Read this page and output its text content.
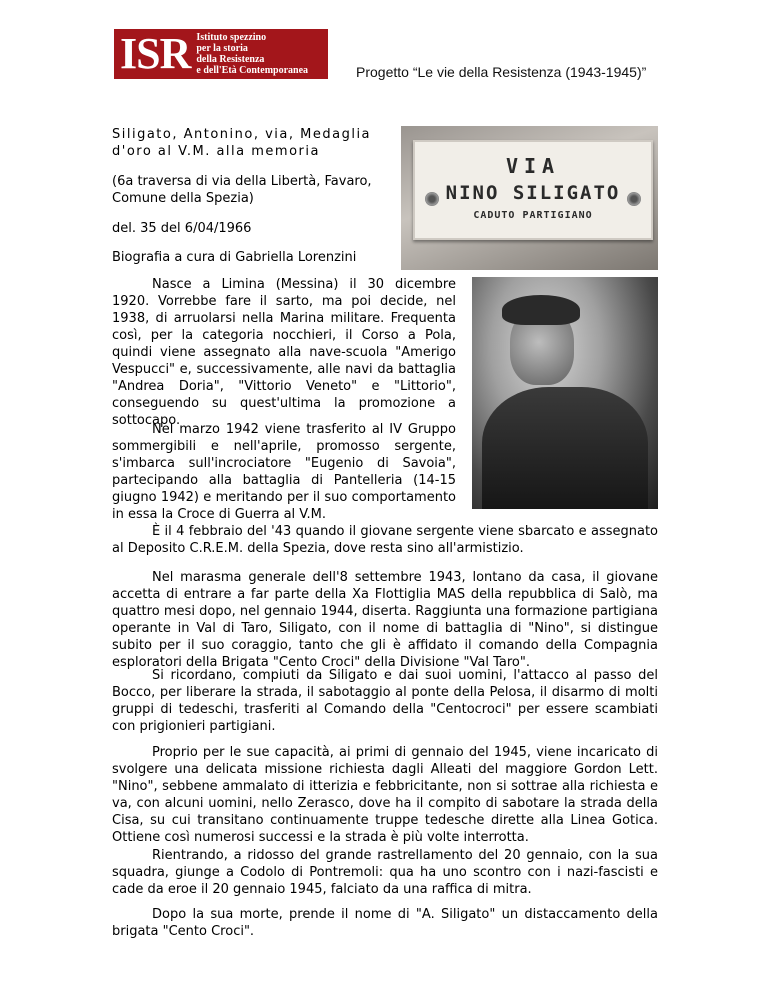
ISR Istituto spezzino
per la storia
della Resistenza
e dell'Età Contemporanea	Progetto “Le vie della Resistenza (1943-1945)”

Siligato, Antonino, via, Medaglia d'oro al V.M. alla memoria

(6a traversa di via della Libertà, Favaro, Comune della Spezia)

del. 35 del 6/04/1966

Biografia a cura di Gabriella Lorenzini

VIA
NINO SILIGATO
CADUTO PARTIGIANO

Nasce a Limina (Messina) il 30 dicembre 1920. Vorrebbe fare il sarto, ma poi decide, nel 1938, di arruolarsi nella Marina militare. Frequenta così, per la categoria nocchieri, il Corso a Pola, quindi viene assegnato alla nave-scuola "Amerigo Vespucci" e, successivamente, alle navi da battaglia "Andrea Doria", "Vittorio Veneto" e "Littorio", conseguendo su quest'ultima la promozione a sottocapo.

Nel marzo 1942 viene trasferito al IV Gruppo sommergibili e nell'aprile, promosso sergente, s'imbarca sull'incrociatore "Eugenio di Savoia", partecipando alla battaglia di Pantelleria (14-15 giugno 1942) e meritando per il suo comportamento in essa la Croce di Guerra al V.M.

È il 4 febbraio del '43 quando il giovane sergente viene sbarcato e assegnato al Deposito C.R.E.M. della Spezia, dove resta sino all'armistizio.

Nel marasma generale dell'8 settembre 1943, lontano da casa, il giovane accetta di entrare a far parte della Xa Flottiglia MAS della repubblica di Salò, ma quattro mesi dopo, nel gennaio 1944, diserta. Raggiunta una formazione partigiana operante in Val di Taro, Siligato, con il nome di battaglia di "Nino", si distingue subito per il suo coraggio, tanto che gli è affidato il comando della Compagnia esploratori della Brigata "Cento Croci" della Divisione "Val Taro".

Si ricordano, compiuti da Siligato e dai suoi uomini, l'attacco al passo del Bocco, per liberare la strada, il sabotaggio al ponte della Pelosa, il disarmo di molti gruppi di tedeschi, trasferiti al Comando della "Centocroci" per essere scambiati con prigionieri partigiani.

Proprio per le sue capacità, ai primi di gennaio del 1945, viene incaricato di svolgere una delicata missione richiesta dagli Alleati del maggiore Gordon Lett. "Nino", sebbene ammalato di itterizia e febbricitante, non si sottrae alla richiesta e va, con alcuni uomini, nello Zerasco, dove ha il compito di sabotare la strada della Cisa, su cui transitano continuamente truppe tedesche dirette alla Linea Gotica. Ottiene così numerosi successi e la strada è più volte interrotta.

Rientrando, a ridosso del grande rastrellamento del 20 gennaio, con la sua squadra, giunge a Codolo di Pontremoli: qua ha uno scontro con i nazi-fascisti e cade da eroe il 20 gennaio 1945, falciato da una raffica di mitra.

Dopo la sua morte, prende il nome di "A. Siligato" un distaccamento della brigata "Cento Croci".
